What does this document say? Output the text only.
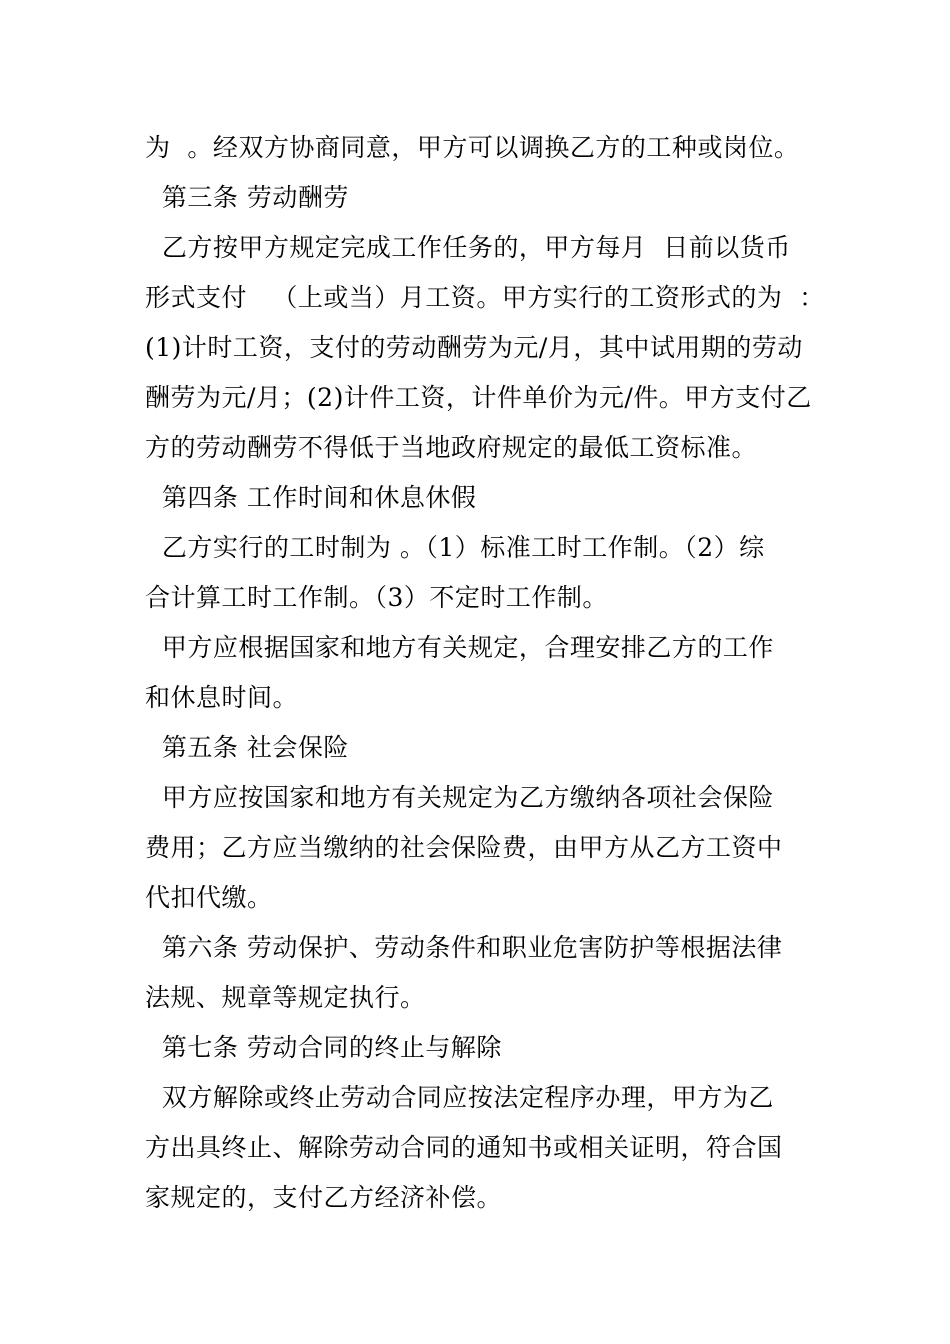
为  。经双方协商同意，甲方可以调换乙方的工种或岗位。
第三条 劳动酬劳
乙方按甲方规定完成工作任务的，甲方每月  日前以货币
形式支付   （上或当）月工资。甲方实行的工资形式的为  ：
(1)计时工资，支付的劳动酬劳为元/月，其中试用期的劳动
酬劳为元/月；(2)计件工资，计件单价为元/件。甲方支付乙
方的劳动酬劳不得低于当地政府规定的最低工资标准。
第四条 工作时间和休息休假
乙方实行的工时制为 。（1）标准工时工作制。（2）综
合计算工时工作制。（3）不定时工作制。
甲方应根据国家和地方有关规定，合理安排乙方的工作
和休息时间。
第五条 社会保险
甲方应按国家和地方有关规定为乙方缴纳各项社会保险
费用；乙方应当缴纳的社会保险费，由甲方从乙方工资中
代扣代缴。
第六条 劳动保护、劳动条件和职业危害防护等根据法律
法规、规章等规定执行。
第七条 劳动合同的终止与解除
双方解除或终止劳动合同应按法定程序办理，甲方为乙
方出具终止、解除劳动合同的通知书或相关证明，符合国
家规定的，支付乙方经济补偿。
